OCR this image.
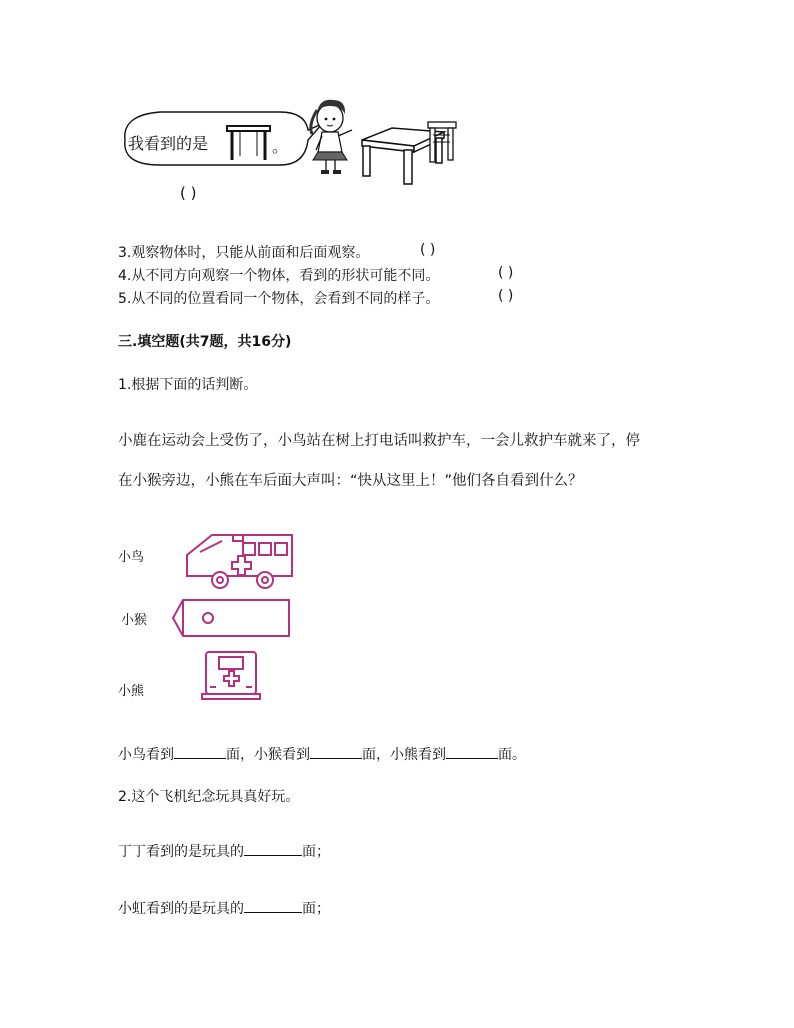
我看到的是	。
( )
3.观察物体时，只能从前面和后面观察。	( )
4.从不同方向观察一个物体，看到的形状可能不同。	( )
5.从不同的位置看同一个物体，会看到不同的样子。	( )
三.填空题(共7题，共16分)
1.根据下面的话判断。
小鹿在运动会上受伤了，小鸟站在树上打电话叫救护车，一会儿救护车就来了，停
在小猴旁边，小熊在车后面大声叫：“快从这里上！”他们各自看到什么？
小鸟
小猴
小熊
小鸟看到	面，小猴看到	面，小熊看到	面。
2.这个飞机纪念玩具真好玩。
丁丁看到的是玩具的	面；
小虹看到的是玩具的	面；
